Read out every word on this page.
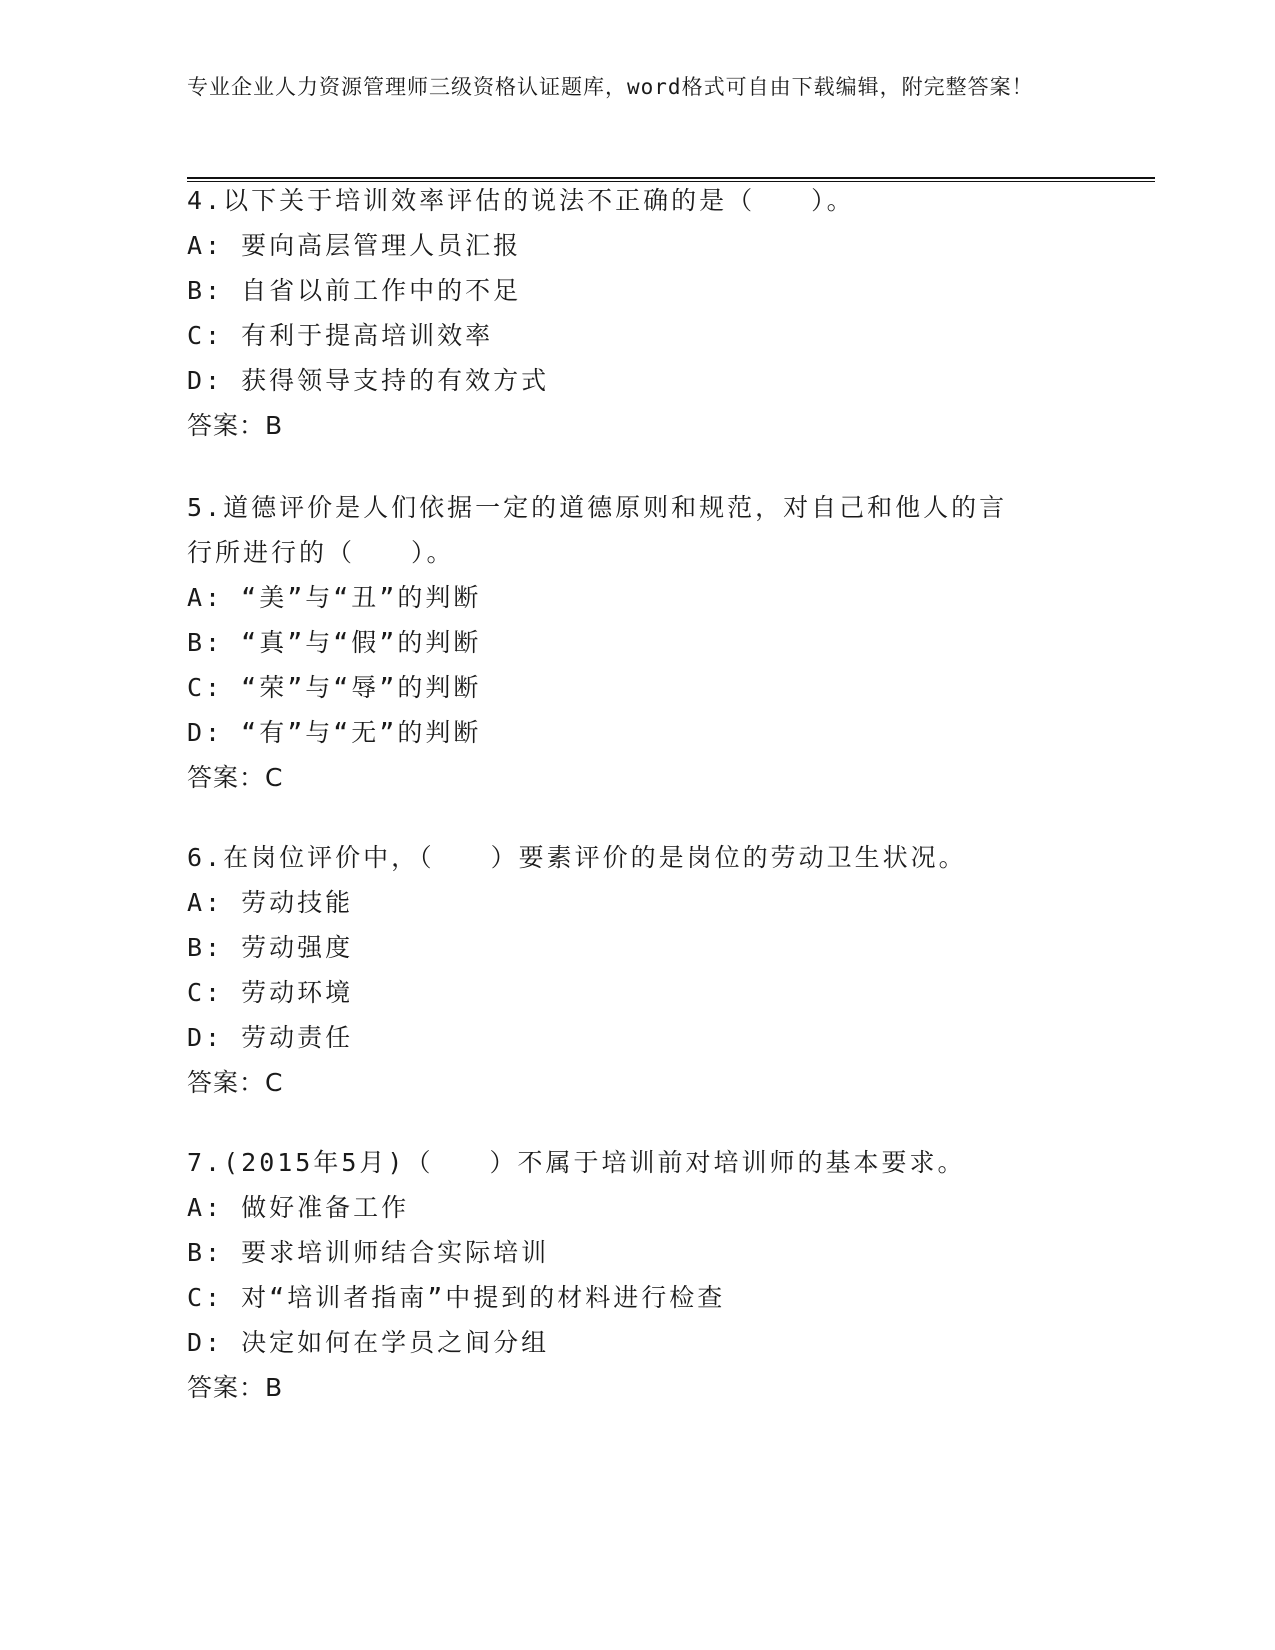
专业企业人力资源管理师三级资格认证题库，word格式可自由下载编辑，附完整答案！
4.以下关于培训效率评估的说法不正确的是（　　）。
A: 要向高层管理人员汇报
B: 自省以前工作中的不足
C: 有利于提高培训效率
D: 获得领导支持的有效方式
答案：B
5.道德评价是人们依据一定的道德原则和规范，对自己和他人的言行所进行的（　　）。
A: “美”与“丑”的判断
B: “真”与“假”的判断
C: “荣”与“辱”的判断
D: “有”与“无”的判断
答案：C
6.在岗位评价中，（　　）要素评价的是岗位的劳动卫生状况。
A: 劳动技能
B: 劳动强度
C: 劳动环境
D: 劳动责任
答案：C
7.(2015年5月)（　　）不属于培训前对培训师的基本要求。
A: 做好准备工作
B: 要求培训师结合实际培训
C: 对“培训者指南”中提到的材料进行检查
D: 决定如何在学员之间分组
答案：B
